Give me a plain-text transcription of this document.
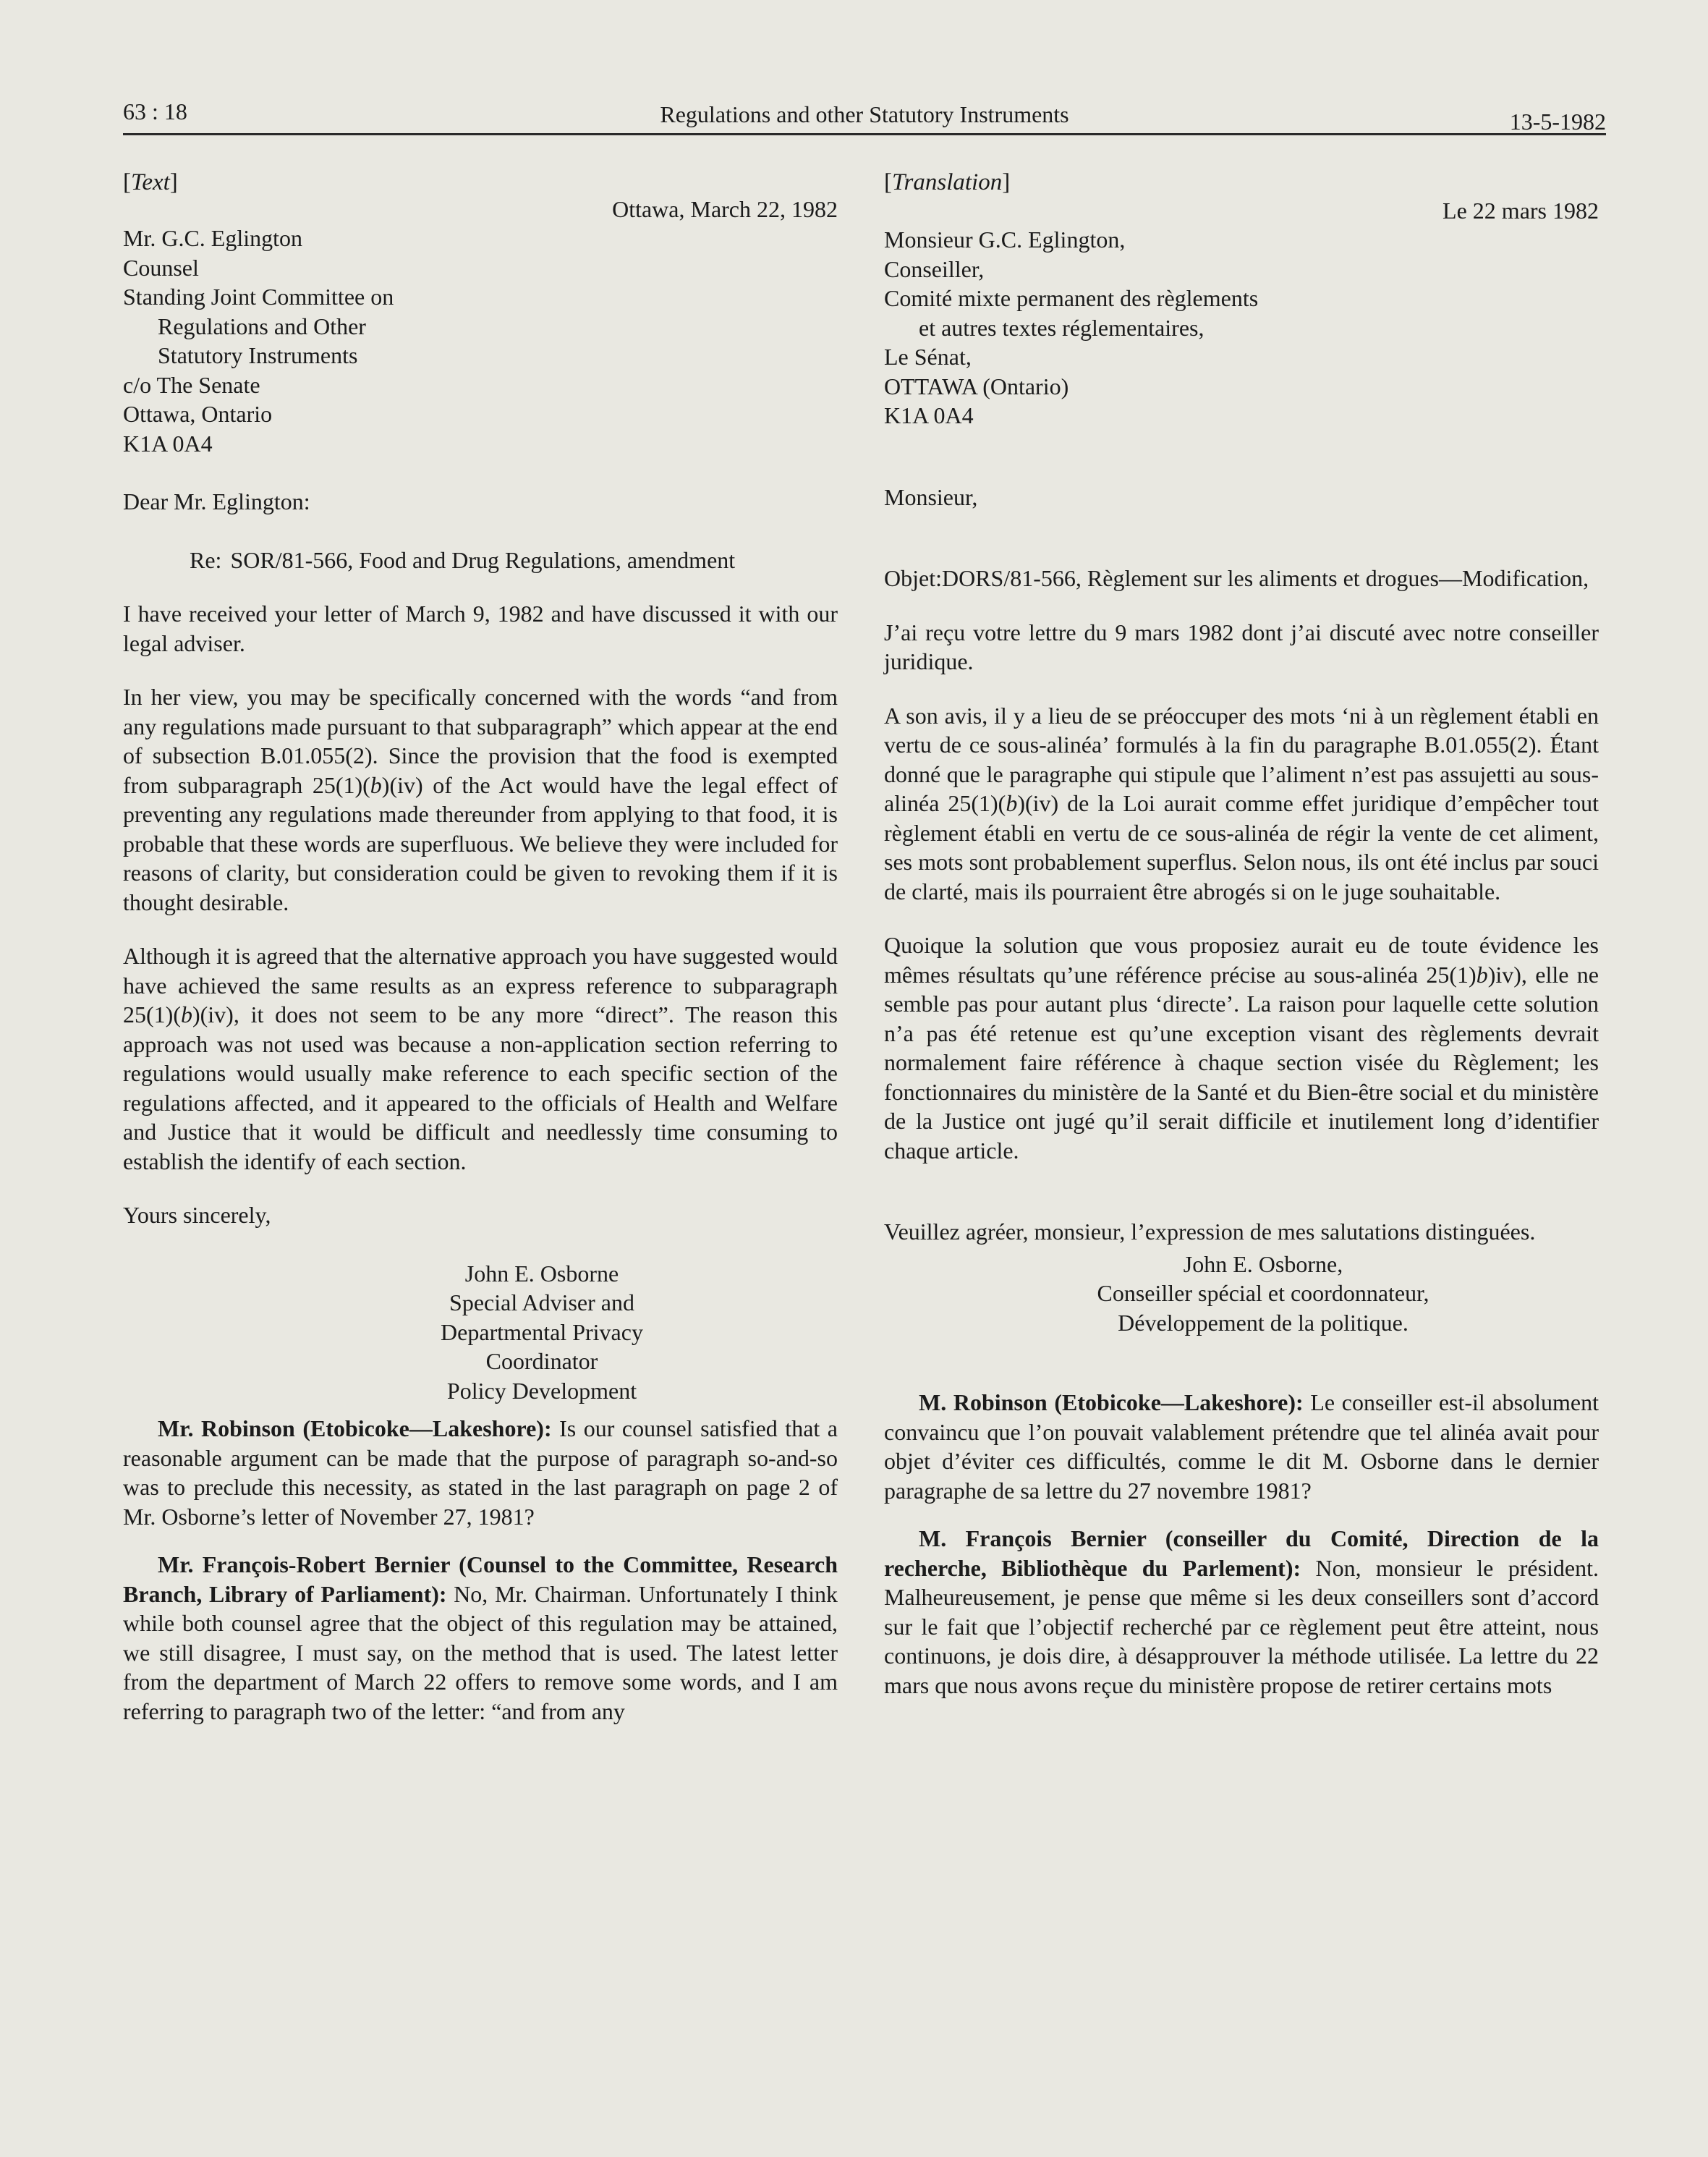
63 : 18	Regulations and other Statutory Instruments	13-5-1982

[Text]

Ottawa, March 22, 1982

Mr. G.C. Eglington

Counsel

Standing Joint Committee on

Regulations and Other

Statutory Instruments

c/o The Senate

Ottawa, Ontario

K1A 0A4

Dear Mr. Eglington:

Re: SOR/81-566, Food and Drug Regulations, amendment

I have received your letter of March 9, 1982 and have discussed it with our legal adviser.

In her view, you may be specifically concerned with the words “and from any regulations made pursuant to that subparagraph” which appear at the end of subsection B.01.055(2). Since the provision that the food is exempted from subparagraph 25(1)(b)(iv) of the Act would have the legal effect of preventing any regulations made thereunder from applying to that food, it is probable that these words are superfluous. We believe they were included for reasons of clarity, but consideration could be given to revoking them if it is thought desirable.

Although it is agreed that the alternative approach you have suggested would have achieved the same results as an express reference to subparagraph 25(1)(b)(iv), it does not seem to be any more “direct”. The reason this approach was not used was because a non-application section referring to regulations would usually make reference to each specific section of the regulations affected, and it appeared to the officials of Health and Welfare and Justice that it would be difficult and needlessly time consuming to establish the identify of each section.

Yours sincerely,

John E. Osborne

Special Adviser and

Departmental Privacy

Coordinator

Policy Development

Mr. Robinson (Etobicoke—Lakeshore): Is our counsel satisfied that a reasonable argument can be made that the purpose of paragraph so-and-so was to preclude this necessity, as stated in the last paragraph on page 2 of Mr. Osborne’s letter of November 27, 1981?

Mr. François-Robert Bernier (Counsel to the Committee, Research Branch, Library of Parliament): No, Mr. Chairman. Unfortunately I think while both counsel agree that the object of this regulation may be attained, we still disagree, I must say, on the method that is used. The latest letter from the department of March 22 offers to remove some words, and I am referring to paragraph two of the letter: “and from any

[Translation]

Le 22 mars 1982

Monsieur G.C. Eglington,

Conseiller,

Comité mixte permanent des règlements

et autres textes réglementaires,

Le Sénat,

OTTAWA (Ontario)

K1A 0A4

Monsieur,

Objet:DORS/81-566, Règlement sur les aliments et drogues—Modification,

J’ai reçu votre lettre du 9 mars 1982 dont j’ai discuté avec notre conseiller juridique.

A son avis, il y a lieu de se préoccuper des mots ‘ni à un règlement établi en vertu de ce sous-alinéa’ formulés à la fin du paragraphe B.01.055(2). Étant donné que le paragraphe qui stipule que l’aliment n’est pas assujetti au sous-alinéa 25(1)(b)(iv) de la Loi aurait comme effet juridique d’empêcher tout règlement établi en vertu de ce sous-alinéa de régir la vente de cet aliment, ses mots sont probablement superflus. Selon nous, ils ont été inclus par souci de clarté, mais ils pourraient être abrogés si on le juge souhaitable.

Quoique la solution que vous proposiez aurait eu de toute évidence les mêmes résultats qu’une référence précise au sous-alinéa 25(1)b)iv), elle ne semble pas pour autant plus ‘directe’. La raison pour laquelle cette solution n’a pas été retenue est qu’une exception visant des règlements devrait normalement faire référence à chaque section visée du Règlement; les fonctionnaires du ministère de la Santé et du Bien-être social et du ministère de la Justice ont jugé qu’il serait difficile et inutilement long d’identifier chaque article.

Veuillez agréer, monsieur, l’expression de mes salutations distinguées.

John E. Osborne,

Conseiller spécial et coordonnateur,

Développement de la politique.

M. Robinson (Etobicoke—Lakeshore): Le conseiller est-il absolument convaincu que l’on pouvait valablement prétendre que tel alinéa avait pour objet d’éviter ces difficultés, comme le dit M. Osborne dans le dernier paragraphe de sa lettre du 27 novembre 1981?

M. François Bernier (conseiller du Comité, Direction de la recherche, Bibliothèque du Parlement): Non, monsieur le président. Malheureusement, je pense que même si les deux conseillers sont d’accord sur le fait que l’objectif recherché par ce règlement peut être atteint, nous continuons, je dois dire, à désapprouver la méthode utilisée. La lettre du 22 mars que nous avons reçue du ministère propose de retirer certains mots
